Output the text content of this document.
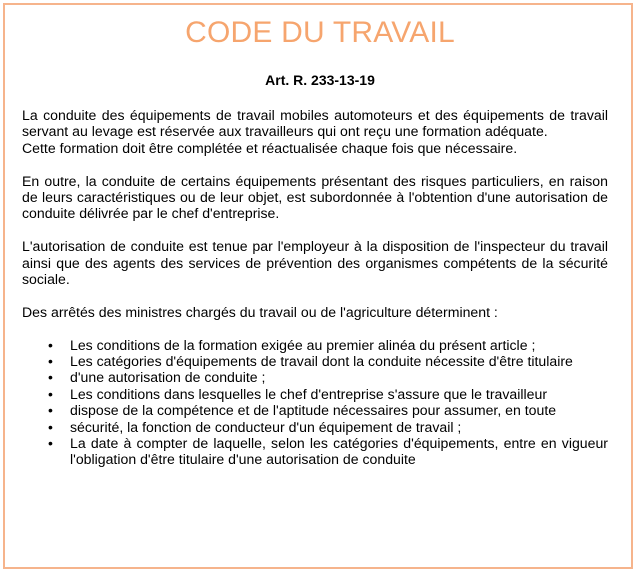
CODE DU TRAVAIL
Art. R. 233-13-19

La conduite des équipements de travail mobiles automoteurs et des équipements de travail servant au levage est réservée aux travailleurs qui ont reçu une formation adéquate.

Cette formation doit être complétée et réactualisée chaque fois que nécessaire.

En outre, la conduite de certains équipements présentant des risques particuliers, en raison de leurs caractéristiques ou de leur objet, est subordonnée à l'obtention d'une autorisation de conduite délivrée par le chef d'entreprise.

L'autorisation de conduite est tenue par l'employeur à la disposition de l'inspecteur du travail ainsi que des agents des services de prévention des organismes compétents de la sécurité sociale.

Des arrêtés des ministres chargés du travail ou de l'agriculture déterminent :

• Les conditions de la formation exigée au premier alinéa du présent article ;
• Les catégories d'équipements de travail dont la conduite nécessite d'être titulaire
• d'une autorisation de conduite ;
• Les conditions dans lesquelles le chef d'entreprise s'assure que le travailleur
• dispose de la compétence et de l'aptitude nécessaires pour assumer, en toute
• sécurité, la fonction de conducteur d'un équipement de travail ;
• La date à compter de laquelle, selon les catégories d'équipements, entre en vigueur l'obligation d'être titulaire d'une autorisation de conduite
